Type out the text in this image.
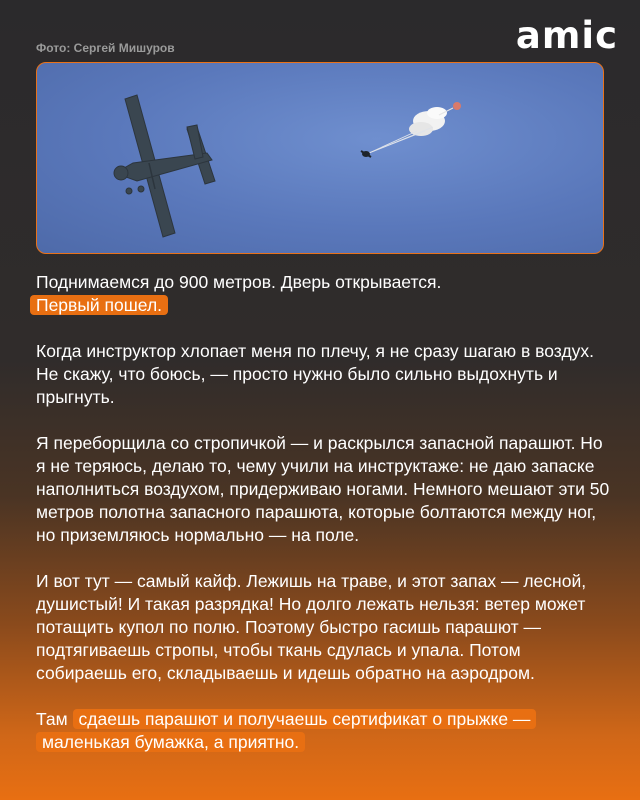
Фото: Сергей Мишуров	amic

Поднимаемся до 900 метров. Дверь открывается.
Первый пошел.

Когда инструктор хлопает меня по плечу, я не сразу шагаю в воздух. Не скажу, что боюсь, — просто нужно было сильно выдохнуть и прыгнуть.

Я переборщила со стропичкой — и раскрылся запасной парашют. Но я не теряюсь, делаю то, чему учили на инструктаже: не даю запаске наполниться воздухом, придерживаю ногами. Немного мешают эти 50 метров полотна запасного парашюта, которые болтаются между ног, но приземляюсь нормально — на поле.

И вот тут — самый кайф. Лежишь на траве, и этот запах — лесной, душистый! И такая разрядка! Но долго лежать нельзя: ветер может потащить купол по полю. Поэтому быстро гасишь парашют — подтягиваешь стропы, чтобы ткань сдулась и упала. Потом собираешь его, складываешь и идешь обратно на аэродром.

Там сдаешь парашют и получаешь сертификат о прыжке — маленькая бумажка, а приятно.
